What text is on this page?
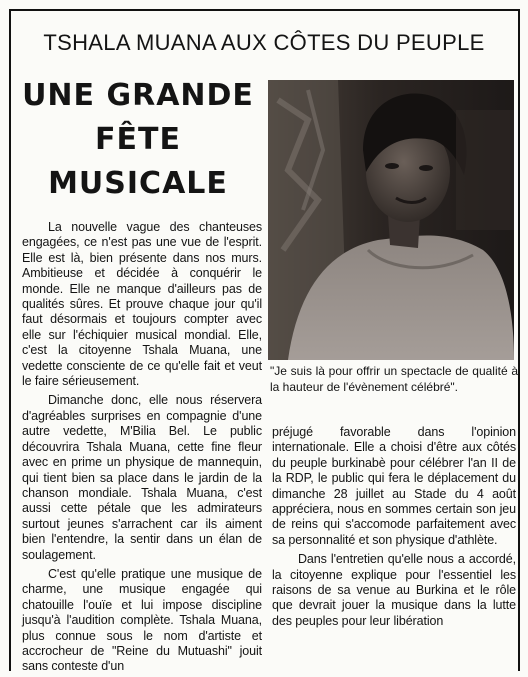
TSHALA MUANA AUX CÔTES DU PEUPLE
UNE GRANDE
FÊTE
MUSICALE
"Je suis là pour offrir un spectacle de qualité à la hauteur de l'évènement célébré".

La nouvelle vague des chanteuses engagées, ce n'est pas une vue de l'esprit. Elle est là, bien présente dans nos murs. Ambitieuse et décidée à conquérir le monde. Elle ne manque d'ailleurs pas de qualités sûres. Et prouve chaque jour qu'il faut désormais et toujours compter avec elle sur l'échiquier musical mondial. Elle, c'est la citoyenne Tshala Muana, une vedette consciente de ce qu'elle fait et veut le faire sérieusement.

Dimanche donc, elle nous réservera d'agréables surprises en compagnie d'une autre vedette, M'Bilia Bel. Le public découvrira Tshala Muana, cette fine fleur avec en prime un physique de mannequin, qui tient bien sa place dans le jardin de la chanson mondiale. Tshala Muana, c'est aussi cette pétale que les admirateurs surtout jeunes s'arrachent car ils aiment bien l'entendre, la sentir dans un élan de soulagement.

C'est qu'elle pratique une musique de charme, une musique engagée qui chatouille l'ouïe et lui impose discipline jusqu'à l'audition complète. Tshala Muana, plus connue sous le nom d'artiste et accrocheur de "Reine du Mutuashi" jouit sans conteste d'un

préjugé favorable dans l'opinion internationale. Elle a choisi d'être aux côtés du peuple burkinabè pour célébrer l'an II de la RDP, le public qui fera le déplacement du dimanche 28 juillet au Stade du 4 août appréciera, nous en sommes certain son jeu de reins qui s'accomode parfaitement avec sa personnalité et son physique d'athlète.

Dans l'entretien qu'elle nous a accordé, la citoyenne explique pour l'essentiel les raisons de sa venue au Burkina et le rôle que devrait jouer la musique dans la lutte des peuples pour leur libération
